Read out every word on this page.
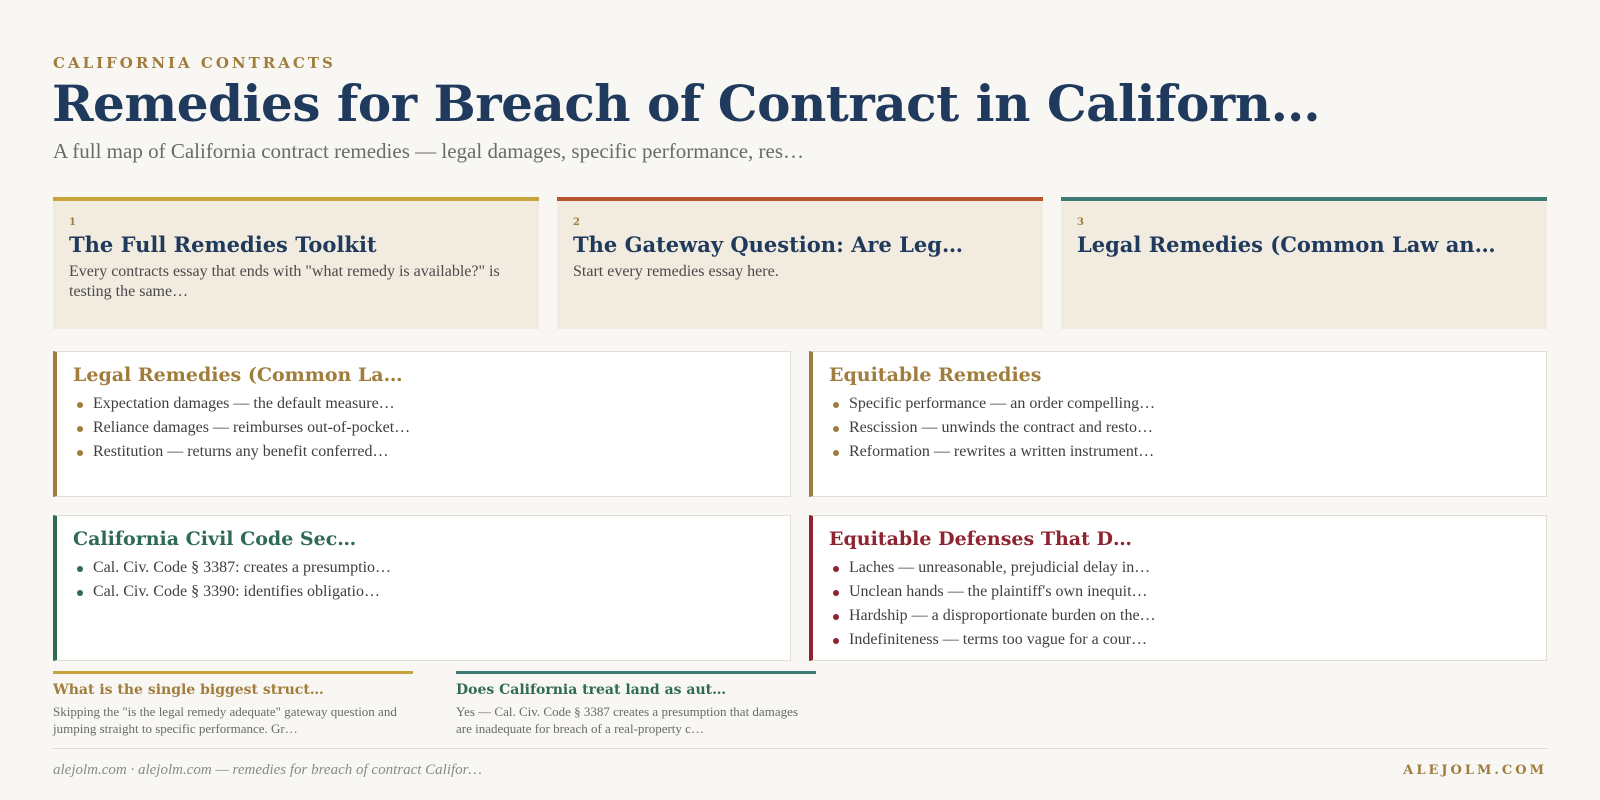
CALIFORNIA CONTRACTS
Remedies for Breach of Contract in Californ…
A full map of California contract remedies — legal damages, specific performance, res…
1
The Full Remedies Toolkit
Every contracts essay that ends with "what remedy is available?" is testing the same…
2
The Gateway Question: Are Leg…
Start every remedies essay here.
3
Legal Remedies (Common Law an…
Legal Remedies (Common La…
Expectation damages — the default measure…
Reliance damages — reimburses out-of-pocket…
Restitution — returns any benefit conferred…
Equitable Remedies
Specific performance — an order compelling…
Rescission — unwinds the contract and resto…
Reformation — rewrites a written instrument…
California Civil Code Sec…
Cal. Civ. Code § 3387: creates a presumptio…
Cal. Civ. Code § 3390: identifies obligatio…
Equitable Defenses That D…
Laches — unreasonable, prejudicial delay in…
Unclean hands — the plaintiff's own inequit…
Hardship — a disproportionate burden on the…
Indefiniteness — terms too vague for a cour…
What is the single biggest struct…
Skipping the "is the legal remedy adequate" gateway question and jumping straight to specific performance. Gr…
Does California treat land as aut…
Yes — Cal. Civ. Code § 3387 creates a presumption that damages are inadequate for breach of a real-property c…
alejolm.com · alejolm.com — remedies for breach of contract Califor…	ALEJOLM.COM
